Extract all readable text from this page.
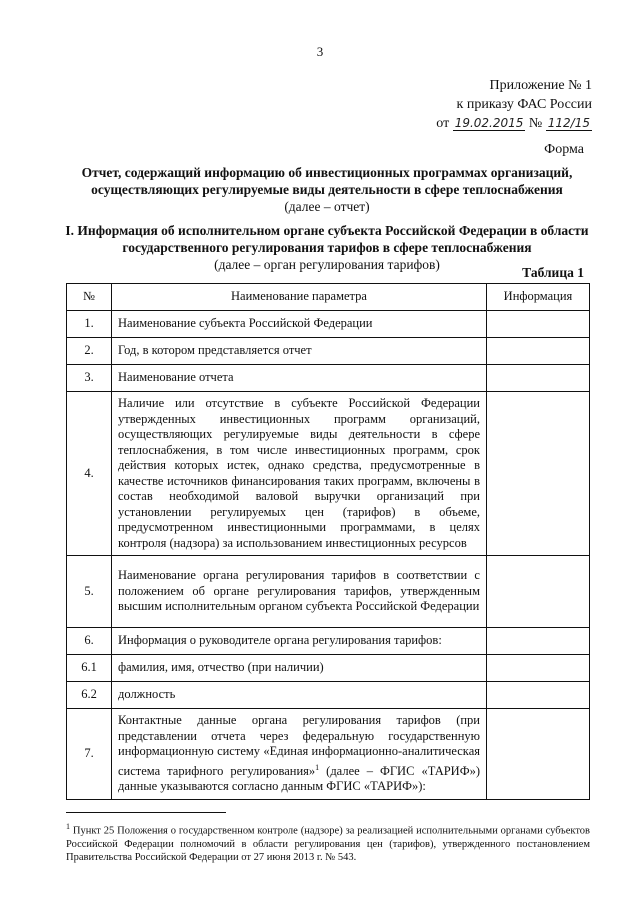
3
Приложение № 1
к приказу ФАС России
от 19.02.2015 № 112/15
Форма
Отчет, содержащий информацию об инвестиционных программах организаций,
осуществляющих регулируемые виды деятельности в сфере теплоснабжения
(далее – отчет)
I. Информация об исполнительном органе субъекта Российской Федерации в области
государственного регулирования тарифов в сфере теплоснабжения
(далее – орган регулирования тарифов)
Таблица 1
№	Наименование параметра	Информация
1.	Наименование субъекта Российской Федерации	
2.	Год, в котором представляется отчет	
3.	Наименование отчета	
4.	Наличие или отсутствие в субъекте Российской Федерации утвержденных инвестиционных программ организаций, осуществляющих регулируемые виды деятельности в сфере теплоснабжения, в том числе инвестиционных программ, срок действия которых истек, однако средства, предусмотренные в качестве источников финансирования таких программ, включены в состав необходимой валовой выручки организаций при установлении регулируемых цен (тарифов) в объеме, предусмотренном инвестиционными программами, в целях контроля (надзора) за использованием инвестиционных ресурсов	
5.	Наименование органа регулирования тарифов в соответствии с положением об органе регулирования тарифов, утвержденным высшим исполнительным органом субъекта Российской Федерации	
6.	Информация о руководителе органа регулирования тарифов:	
6.1	фамилия, имя, отчество (при наличии)	
6.2	должность	
7.	Контактные данные органа регулирования тарифов (при представлении отчета через федеральную государственную информационную систему «Единая информационно-аналитическая система тарифного регулирования»$^1$ (далее – ФГИС «ТАРИФ») данные указываются согласно данным ФГИС «ТАРИФ»):	
$^1$ Пункт 25 Положения о государственном контроле (надзоре) за реализацией исполнительными органами субъектов Российской Федерации полномочий в области регулирования цен (тарифов), утвержденного постановлением Правительства Российской Федерации от 27 июня 2013 г. № 543.
